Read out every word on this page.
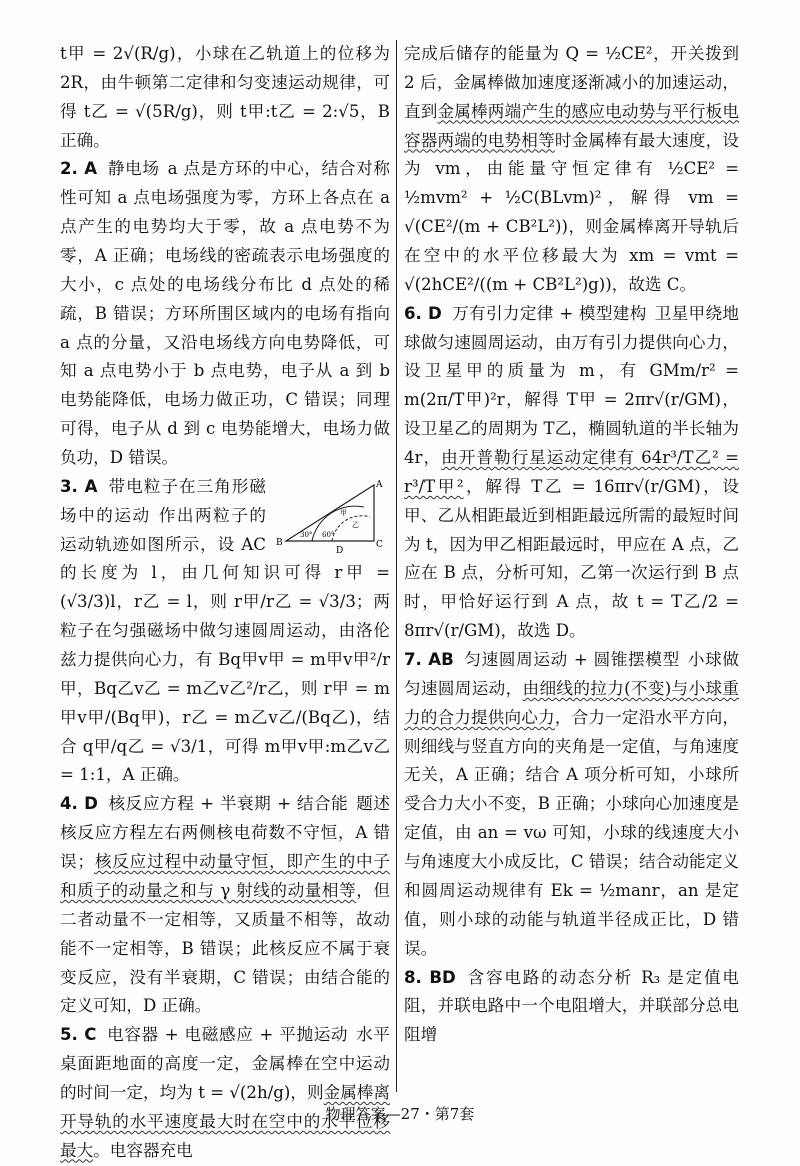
t甲 = 2√(R/g)，小球在乙轨道上的位移为2R，由牛顿第二定律和匀变速运动规律，可得 t乙 = √(5R/g)，则 t甲:t乙 = 2:√5，B 正确。

2. A 静电场 a 点是方环的中心，结合对称性可知 a 点电场强度为零，方环上各点在 a 点产生的电势均大于零，故 a 点电势不为零，A 正确；电场线的密疏表示电场强度的大小，c 点处的电场线分布比 d 点处的稀疏，B 错误；方环所围区域内的电场有指向 a 点的分量，又沿电场线方向电势降低，可知 a 点电势小于 b 点电势，电子从 a 到 b 电势能降低，电场力做正功，C 错误；同理可得，电子从 d 到 c 电势能增大，电场力做负功，D 错误。

B
A
C
D
30° 60°
甲
乙
3. A 带电粒子在三角形磁场中的运动 作出两粒子的运动轨迹如图所示，设 AC 的长度为 l，由几何知识可得 r甲 = (√3/3)l，r乙 = l，则 r甲/r乙 = √3/3；两粒子在匀强磁场中做匀速圆周运动，由洛伦兹力提供向心力，有 Bq甲v甲 = m甲v甲²/r甲，Bq乙v乙 = m乙v乙²/r乙，则 r甲 = m甲v甲/(Bq甲)，r乙 = m乙v乙/(Bq乙)，结合 q甲/q乙 = √3/1，可得 m甲v甲:m乙v乙 = 1:1，A 正确。

4. D 核反应方程 + 半衰期 + 结合能 题述核反应方程左右两侧核电荷数不守恒，A 错误；核反应过程中动量守恒，即产生的中子和质子的动量之和与 γ 射线的动量相等，但二者动量不一定相等，又质量不相等，故动能不一定相等，B 错误；此核反应不属于衰变反应，没有半衰期，C 错误；由结合能的定义可知，D 正确。

5. C 电容器 + 电磁感应 + 平抛运动 水平桌面距地面的高度一定，金属棒在空中运动的时间一定，均为 t = √(2h/g)，则金属棒离开导轨的水平速度最大时在空中的水平位移最大。电容器充电

完成后储存的能量为 Q = ½CE²，开关拨到 2 后，金属棒做加速度逐渐减小的加速运动，直到金属棒两端产生的感应电动势与平行板电容器两端的电势相等时金属棒有最大速度，设为 vm，由能量守恒定律有 ½CE² = ½mvm² + ½C(BLvm)²，解得 vm = √(CE²/(m + CB²L²))，则金属棒离开导轨后在空中的水平位移最大为 xm = vmt = √(2hCE²/((m + CB²L²)g))，故选 C。

6. D 万有引力定律 + 模型建构 卫星甲绕地球做匀速圆周运动，由万有引力提供向心力，设卫星甲的质量为 m，有 GMm/r² = m(2π/T甲)²r，解得 T甲 = 2πr√(r/GM)，设卫星乙的周期为 T乙，椭圆轨道的半长轴为 4r，由开普勒行星运动定律有 64r³/T乙² = r³/T甲²，解得 T乙 = 16πr√(r/GM)，设甲、乙从相距最近到相距最远所需的最短时间为 t，因为甲乙相距最远时，甲应在 A 点，乙应在 B 点，分析可知，乙第一次运行到 B 点时，甲恰好运行到 A 点，故 t = T乙/2 = 8πr√(r/GM)，故选 D。

7. AB 匀速圆周运动 + 圆锥摆模型 小球做匀速圆周运动，由细线的拉力(不变)与小球重力的合力提供向心力，合力一定沿水平方向，则细线与竖直方向的夹角是一定值，与角速度无关，A 正确；结合 A 项分析可知，小球所受合力大小不变，B 正确；小球向心加速度是定值，由 an = vω 可知，小球的线速度大小与角速度大小成反比，C 错误；结合动能定义和圆周运动规律有 Ek = ½manr，an 是定值，则小球的动能与轨道半径成正比，D 错误。

8. BD 含容电路的动态分析 R₃ 是定值电阻，并联电路中一个电阻增大，并联部分总电阻增

物理答案—27・第7套
